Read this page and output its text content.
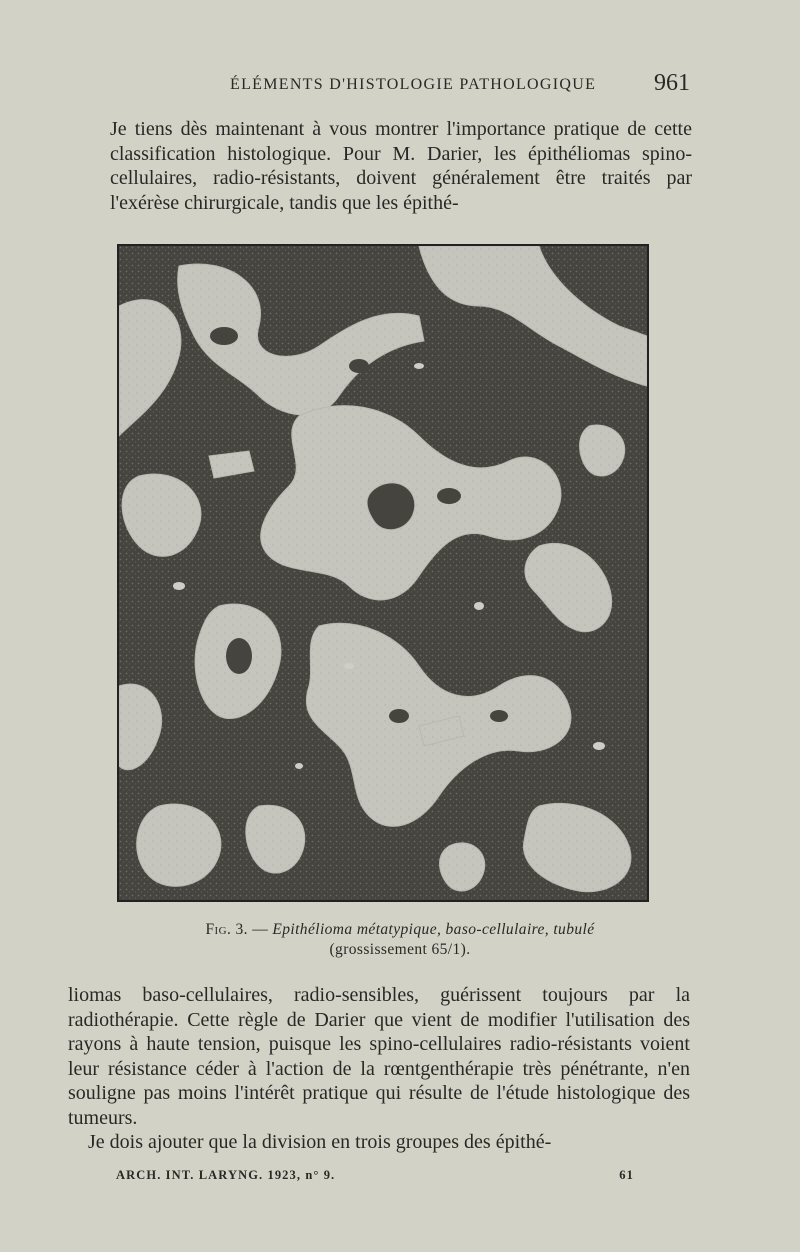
ÉLÉMENTS D'HISTOLOGIE PATHOLOGIQUE 961

Je tiens dès maintenant à vous montrer l'importance pratique de cette classification histologique. Pour M. Darier, les épithéliomas spino-cellulaires, radio-résistants, doivent généralement être traités par l'exérèse chirurgicale, tandis que les épithé-

Fig. 3. — Epithélioma métatypique, baso-cellulaire, tubulé
(grossissement 65/1).

liomas baso-cellulaires, radio-sensibles, guérissent toujours par la radiothérapie. Cette règle de Darier que vient de modifier l'utilisation des rayons à haute tension, puisque les spino-cellulaires radio-résistants voient leur résistance céder à l'action de la rœntgenthérapie très pénétrante, n'en souligne pas moins l'intérêt pratique qui résulte de l'étude histologique des tumeurs.

Je dois ajouter que la division en trois groupes des épithé-

ARCH. INT. LARYNG. 1923, n° 9.	61
